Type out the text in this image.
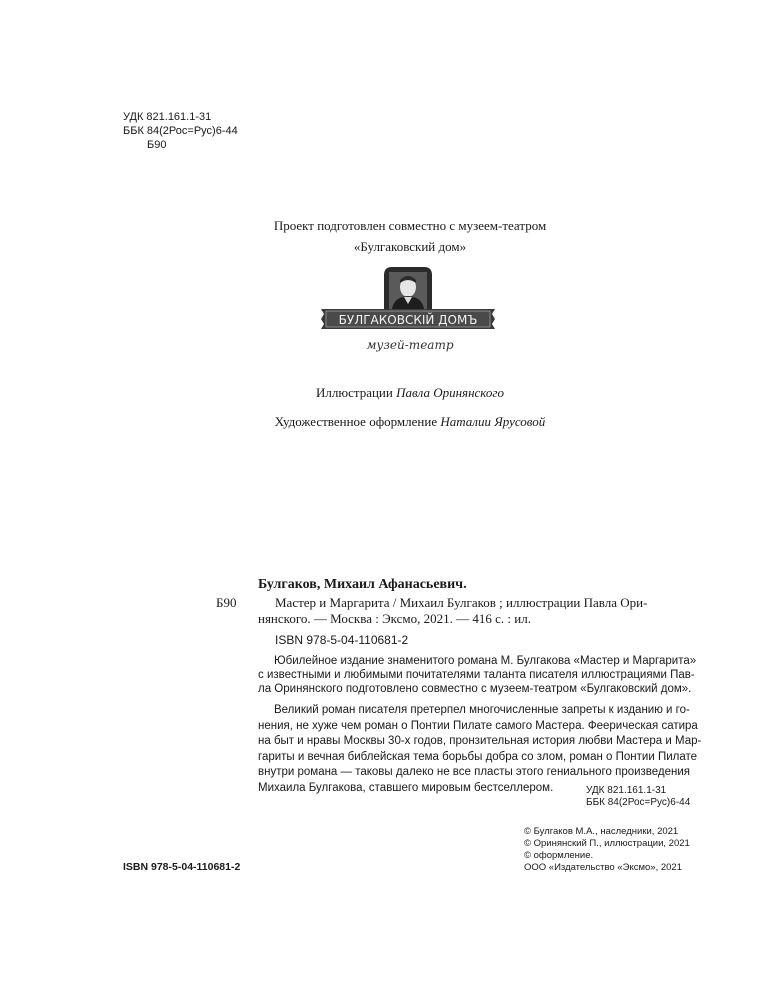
УДК 821.161.1-31
ББК 84(2Рос=Рус)6-44
Б90
Проект подготовлен совместно с музеем-театром
«Булгаковский дом»
БУЛГАКОВСКIЙ ДОМЪ
музей-театр
Иллюстрации Павла Оринянского
Художественное оформление Наталии Ярусовой
Булгаков, Михаил Афанасьевич.
Б90	Мастер и Маргарита / Михаил Булгаков ; иллюстрации Павла Ори-
нянского. — Москва : Эксмо, 2021. — 416 с. : ил.
ISBN 978-5-04-110681-2
Юбилейное издание знаменитого романа М. Булгакова «Мастер и Маргарита»
с известными и любимыми почитателями таланта писателя иллюстрациями Пав-
ла Оринянского подготовлено совместно с музеем-театром «Булгаковский дом».
Великий роман писателя претерпел многочисленные запреты к изданию и го-
нения, не хуже чем роман о Понтии Пилате самого Мастера. Феерическая сатира
на быт и нравы Москвы 30-х годов, пронзительная история любви Мастера и Мар-
гариты и вечная библейская тема борьбы добра со злом, роман о Понтии Пилате
внутри романа — таковы далеко не все пласты этого гениального произведения
Михаила Булгакова, ставшего мировым бестселлером.	УДК 821.161.1-31
ББК 84(2Рос=Рус)6-44
ISBN 978-5-04-110681-2
© Булгаков М.А., наследники, 2021
© Оринянский П., иллюстрации, 2021
© оформление.
ООО «Издательство «Эксмо», 2021
